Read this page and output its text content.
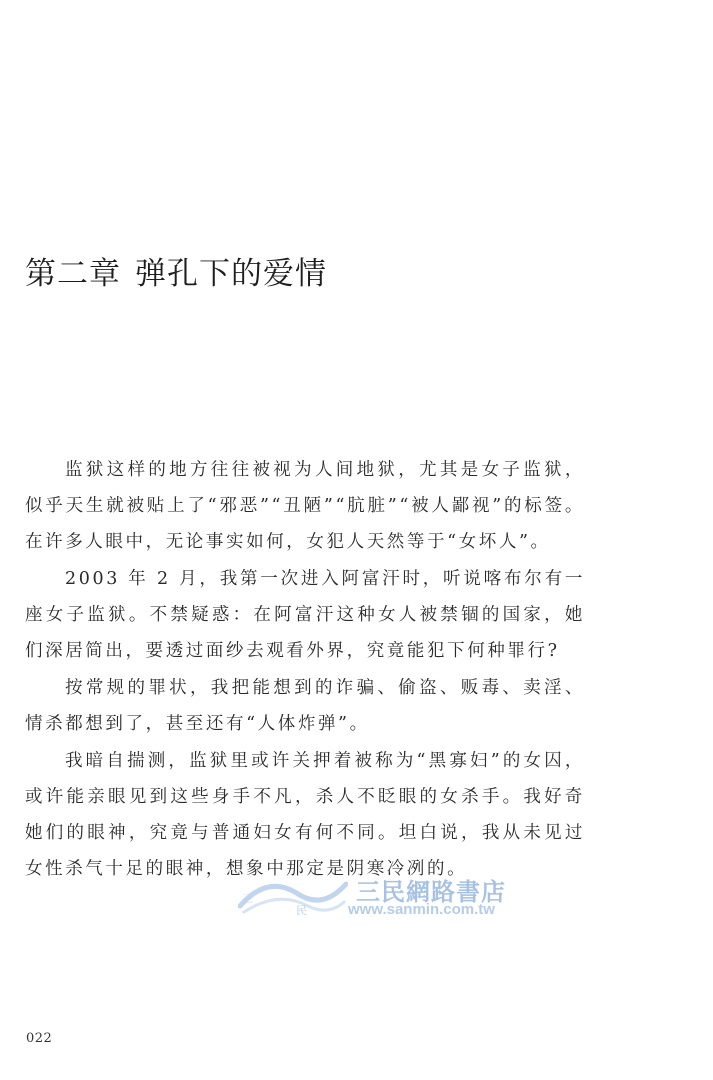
第二章 弹孔下的爱情

监狱这样的地方往往被视为人间地狱，尤其是女子监狱，似乎天生就被贴上了“邪恶”“丑陋”“肮脏”“被人鄙视”的标签。在许多人眼中，无论事实如何，女犯人天然等于“女坏人”。

2003 年 2 月，我第一次进入阿富汗时，听说喀布尔有一座女子监狱。不禁疑惑：在阿富汗这种女人被禁锢的国家，她们深居简出，要透过面纱去观看外界，究竟能犯下何种罪行?

按常规的罪状，我把能想到的诈骗、偷盗、贩毒、卖淫、情杀都想到了，甚至还有“人体炸弹”。

我暗自揣测，监狱里或许关押着被称为“黑寡妇”的女囚，或许能亲眼见到这些身手不凡，杀人不眨眼的女杀手。我好奇她们的眼神，究竟与普通妇女有何不同。坦白说，我从未见过女性杀气十足的眼神，想象中那定是阴寒冷冽的。

三
民
三民網路書店
www.sanmin.com.tw
022
